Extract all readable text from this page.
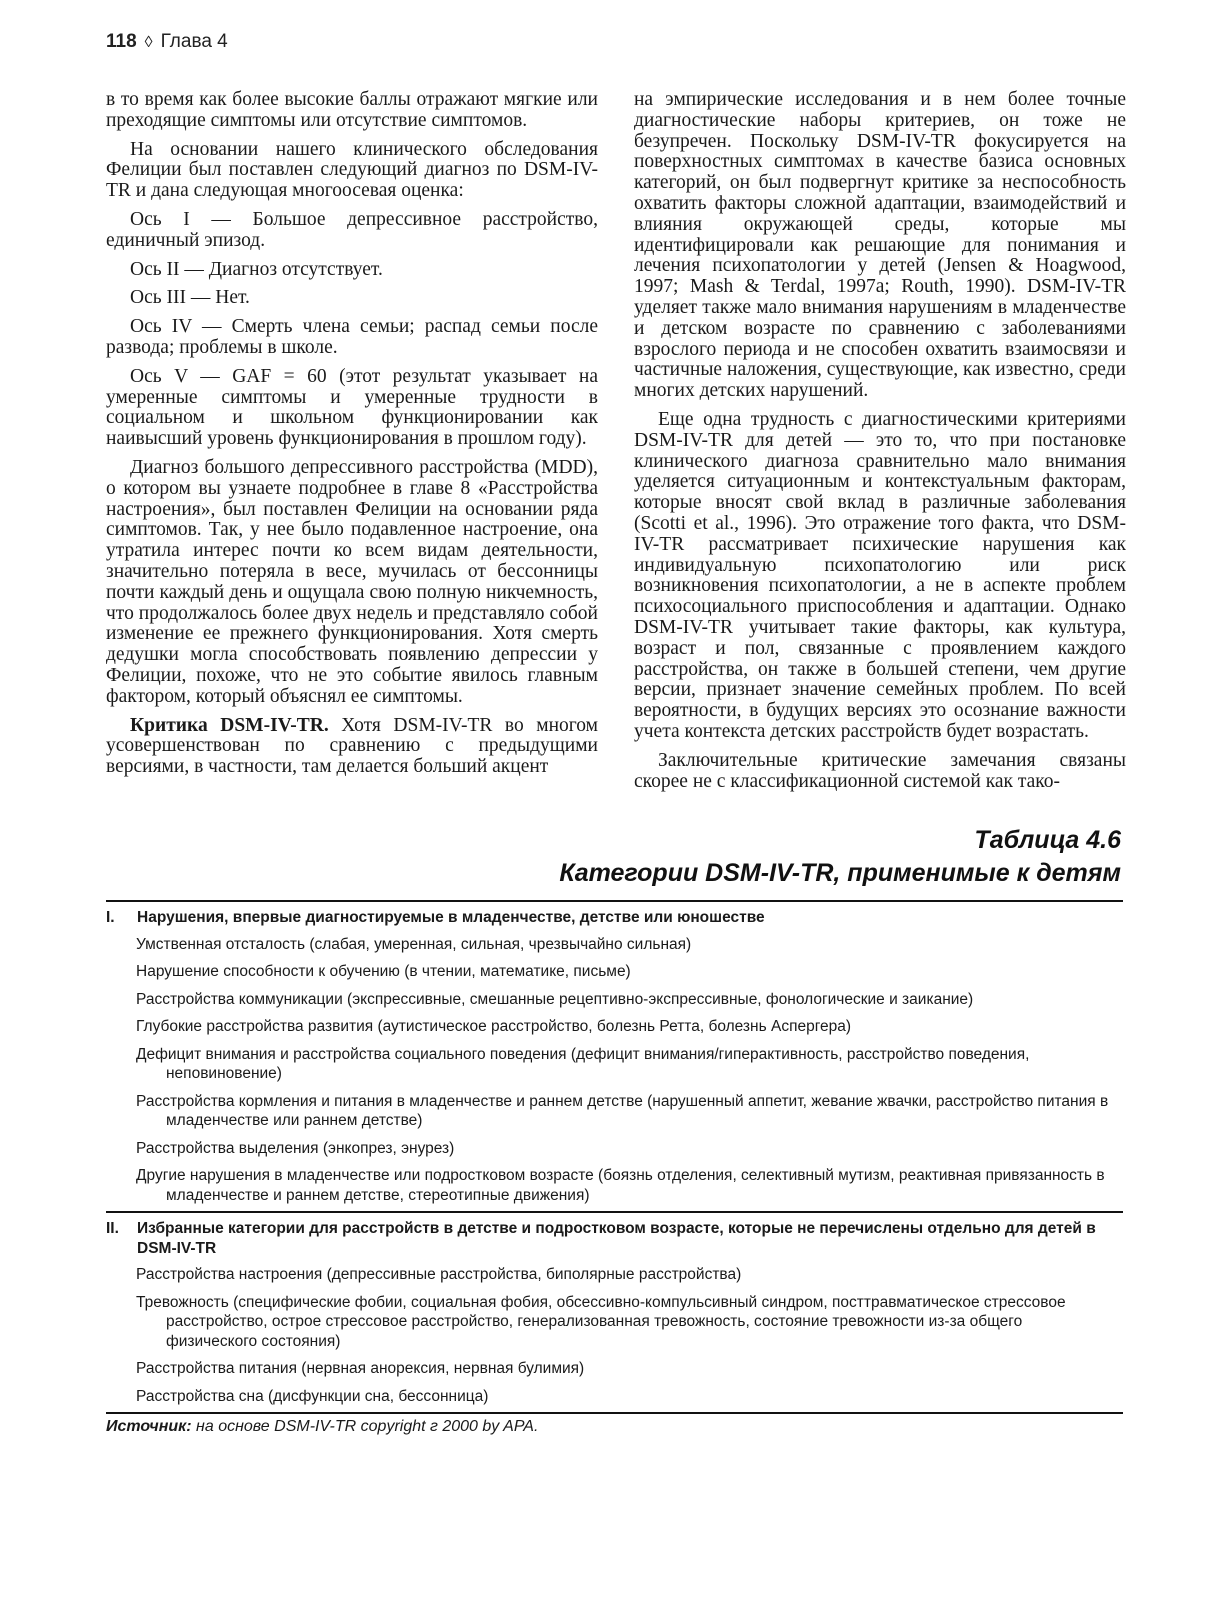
118 ◊ Глава 4

в то время как более высокие баллы отражают мягкие или преходящие симптомы или отсутствие симптомов.

На основании нашего клинического обследования Фелиции был поставлен следующий диагноз по DSM-IV-TR и дана следующая многоосевая оценка:

Ось I — Большое депрессивное расстройство, единичный эпизод.

Ось II — Диагноз отсутствует.

Ось III — Нет.

Ось IV — Смерть члена семьи; распад семьи после развода; проблемы в школе.

Ось V — GAF = 60 (этот результат указывает на умеренные симптомы и умеренные трудности в социальном и школьном функционировании как наивысший уровень функционирования в прошлом году).

Диагноз большого депрессивного расстройства (MDD), о котором вы узнаете подробнее в главе 8 «Расстройства настроения», был поставлен Фелиции на основании ряда симптомов. Так, у нее было подавленное настроение, она утратила интерес почти ко всем видам деятельности, значительно потеряла в весе, мучилась от бессонницы почти каждый день и ощущала свою полную никчемность, что продолжалось более двух недель и представляло собой изменение ее прежнего функционирования. Хотя смерть дедушки могла способствовать появлению депрессии у Фелиции, похоже, что не это событие явилось главным фактором, который объяснял ее симптомы.

Критика DSM-IV-TR. Хотя DSM-IV-TR во многом усовершенствован по сравнению с предыдущими версиями, в частности, там делается больший акцент

на эмпирические исследования и в нем более точные диагностические наборы критериев, он тоже не безупречен. Поскольку DSM-IV-TR фокусируется на поверхностных симптомах в качестве базиса основных категорий, он был подвергнут критике за неспособность охватить факторы сложной адаптации, взаимодействий и влияния окружающей среды, которые мы идентифицировали как решающие для понимания и лечения психопатологии у детей (Jensen & Hoagwood, 1997; Mash & Terdal, 1997a; Routh, 1990). DSM-IV-TR уделяет также мало внимания нарушениям в младенчестве и детском возрасте по сравнению с заболеваниями взрослого периода и не способен охватить взаимосвязи и частичные наложения, существующие, как известно, среди многих детских нарушений.

Еще одна трудность с диагностическими критериями DSM-IV-TR для детей — это то, что при постановке клинического диагноза сравнительно мало внимания уделяется ситуационным и контекстуальным факторам, которые вносят свой вклад в различные заболевания (Scotti et al., 1996). Это отражение того факта, что DSM-IV-TR рассматривает психические нарушения как индивидуальную психопатологию или риск возникновения психопатологии, а не в аспекте проблем психосоциального приспособления и адаптации. Однако DSM-IV-TR учитывает такие факторы, как культура, возраст и пол, связанные с проявлением каждого расстройства, он также в большей степени, чем другие версии, признает значение семейных проблем. По всей вероятности, в будущих версиях это осознание важности учета контекста детских расстройств будет возрастать.

Заключительные критические замечания связаны скорее не с классификационной системой как тако-

Таблица 4.6
Категории DSM-IV-TR, применимые к детям
I. Нарушения, впервые диагностируемые в младенчестве, детстве или юношестве
Умственная отсталость (слабая, умеренная, сильная, чрезвычайно сильная)
Нарушение способности к обучению (в чтении, математике, письме)
Расстройства коммуникации (экспрессивные, смешанные рецептивно-экспрессивные, фонологические и заикание)
Глубокие расстройства развития (аутистическое расстройство, болезнь Ретта, болезнь Аспергера)
Дефицит внимания и расстройства социального поведения (дефицит внимания/гиперактивность, расстройство поведения, неповиновение)
Расстройства кормления и питания в младенчестве и раннем детстве (нарушенный аппетит, жевание жвачки, расстройство питания в младенчестве или раннем детстве)
Расстройства выделения (энкопрез, энурез)
Другие нарушения в младенчестве или подростковом возрасте (боязнь отделения, селективный мутизм, реактивная привязанность в младенчестве и раннем детстве, стереотипные движения)
II. Избранные категории для расстройств в детстве и подростковом возрасте, которые не перечислены отдельно для детей в DSM-IV-TR
Расстройства настроения (депрессивные расстройства, биполярные расстройства)
Тревожность (специфические фобии, социальная фобия, обсессивно-компульсивный синдром, посттравматическое стрессовое расстройство, острое стрессовое расстройство, генерализованная тревожность, состояние тревожности из-за общего физического состояния)
Расстройства питания (нервная анорексия, нервная булимия)
Расстройства сна (дисфункции сна, бессонница)
Источник: на основе DSM-IV-TR copyright г 2000 by APA.
